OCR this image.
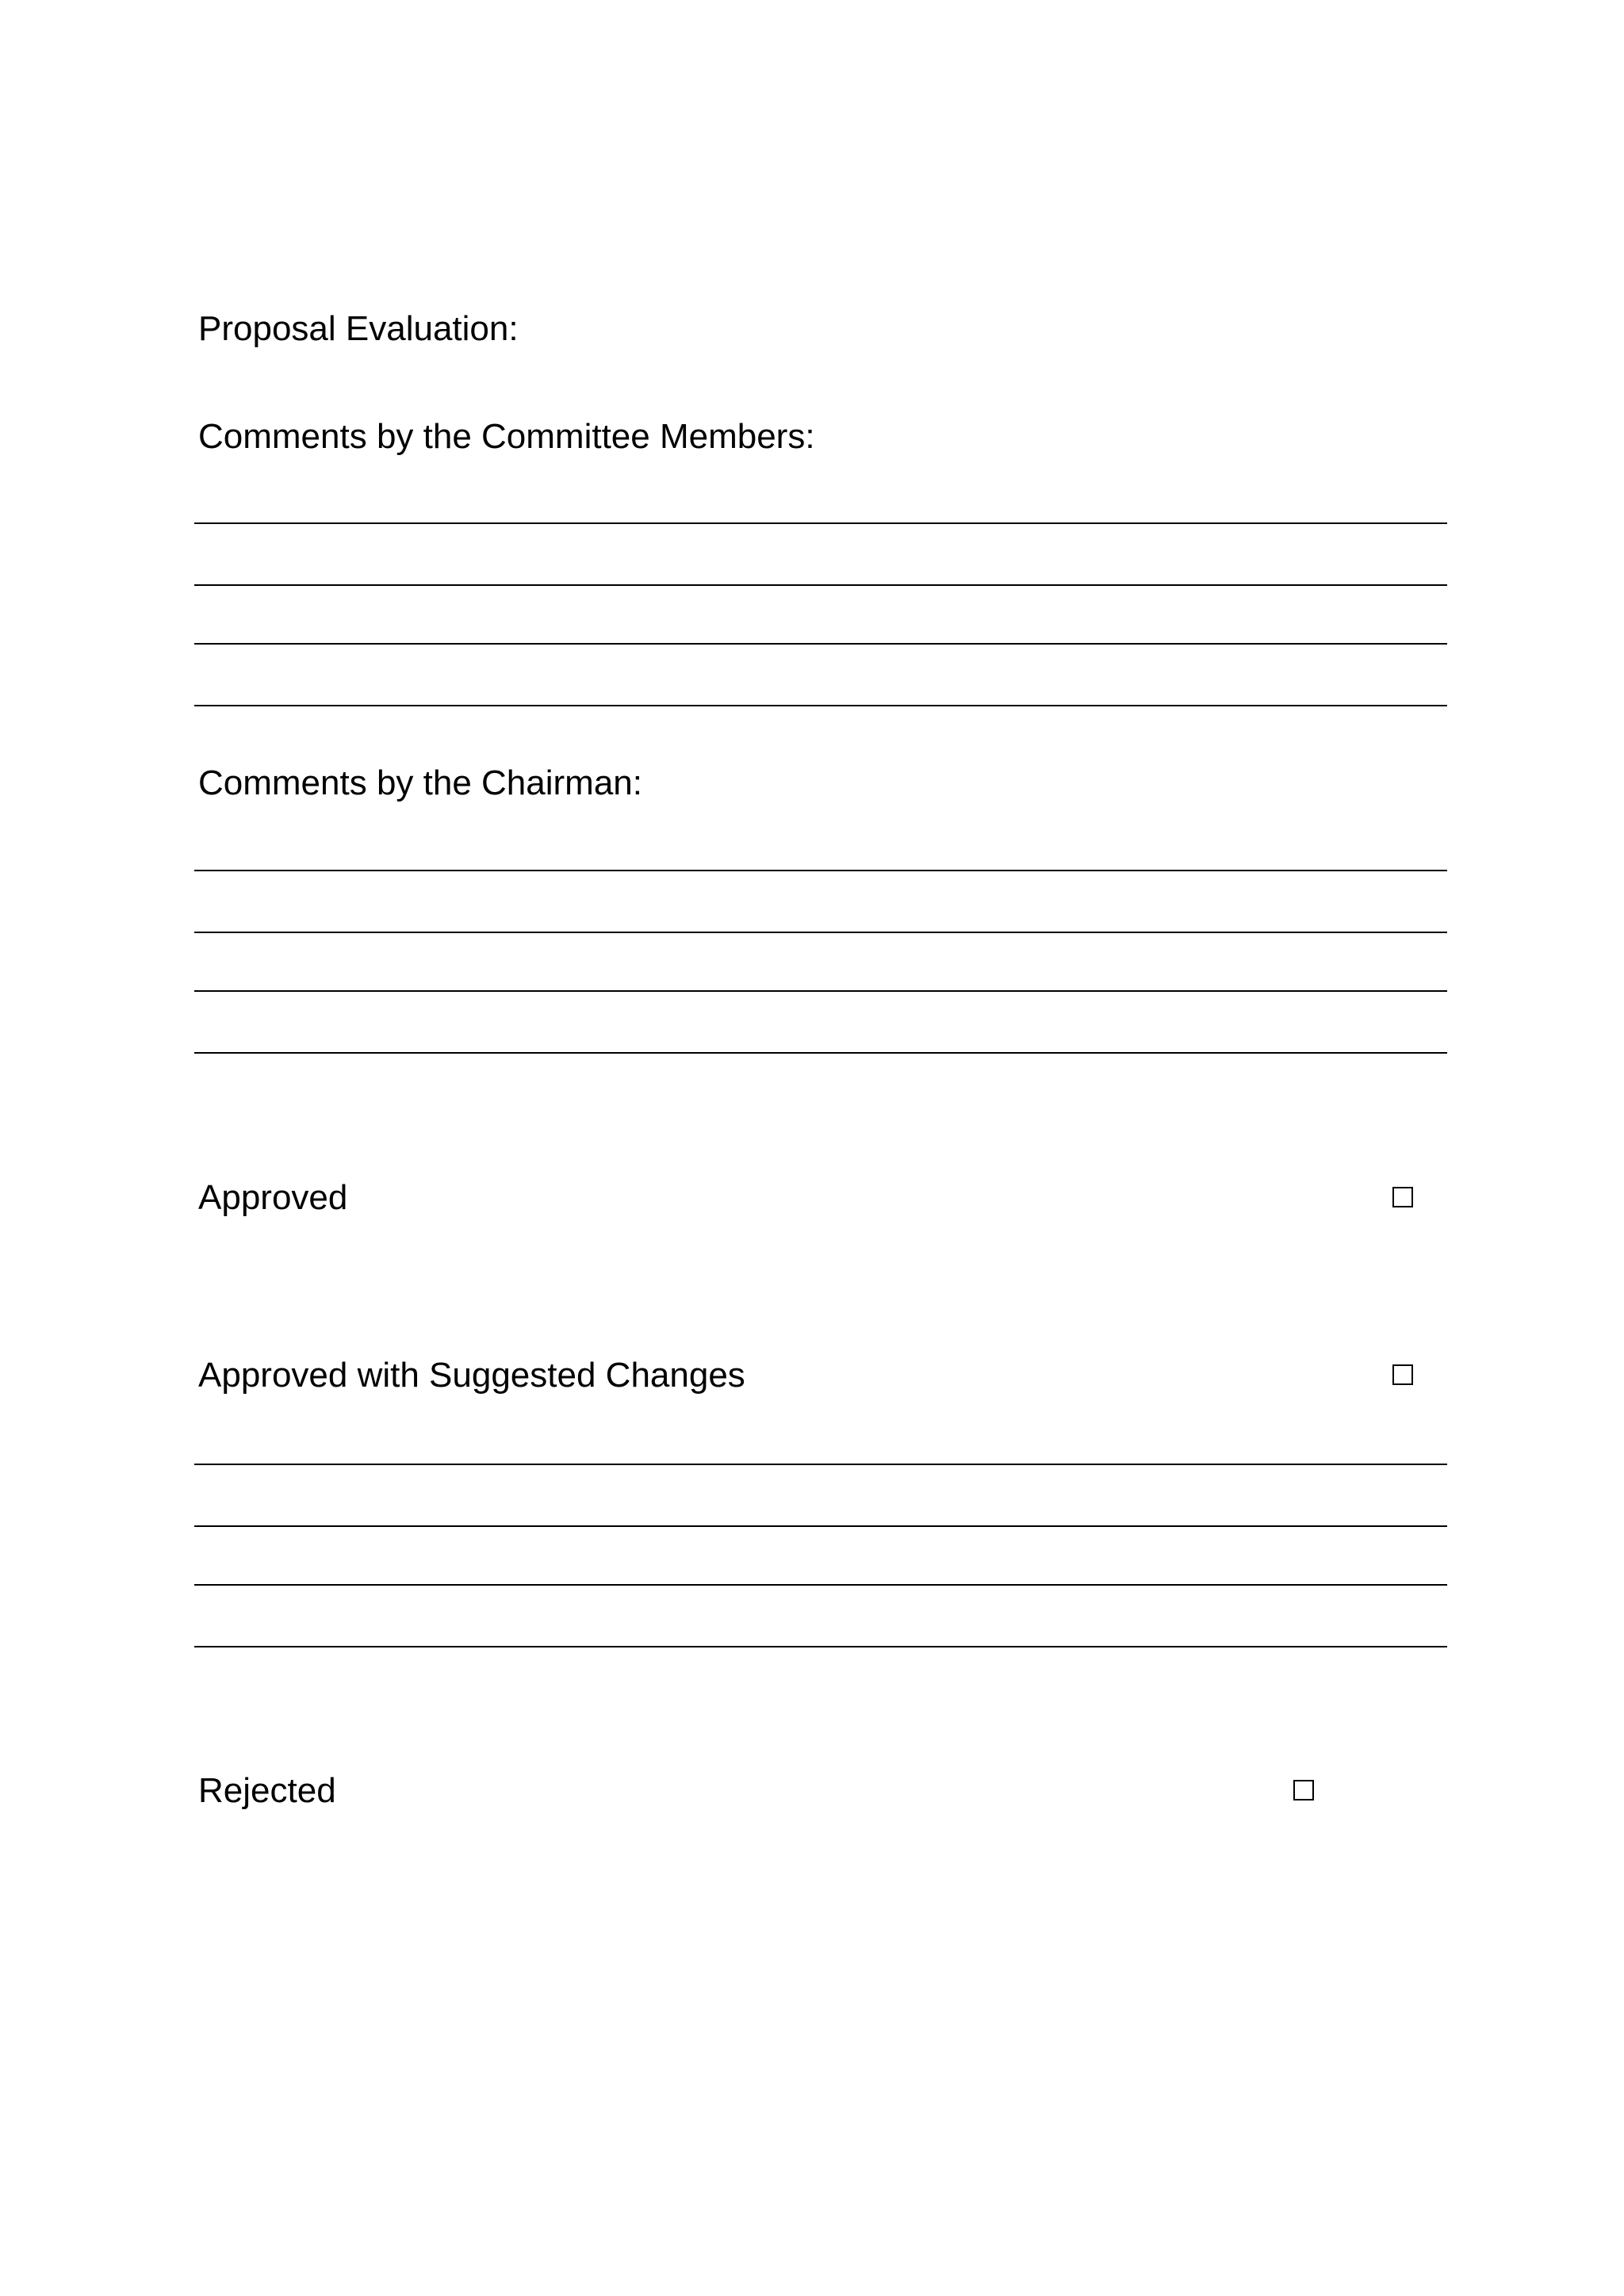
Proposal Evaluation:
Comments by the Committee Members:
Comments by the Chairman:
Approved
Approved with Suggested Changes
Rejected
